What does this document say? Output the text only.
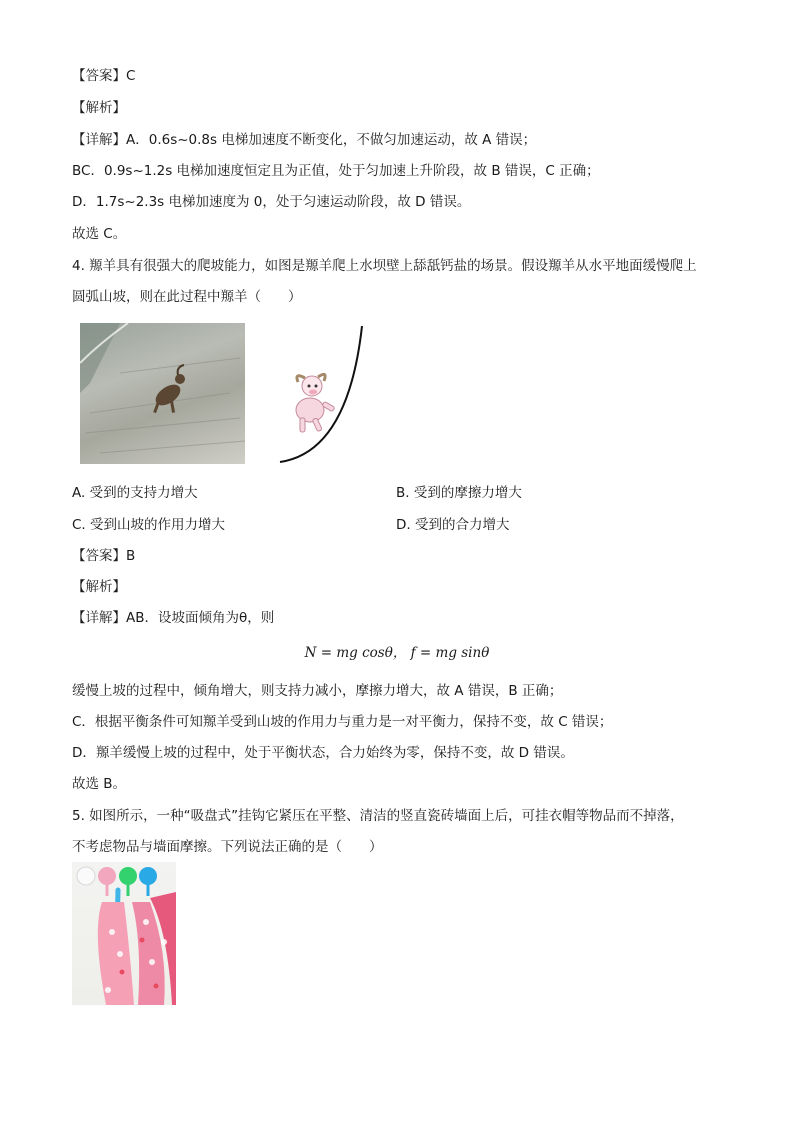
【答案】C
【解析】
【详解】A．0.6s~0.8s 电梯加速度不断变化，不做匀加速运动，故 A 错误；
BC．0.9s~1.2s 电梯加速度恒定且为正值，处于匀加速上升阶段，故 B 错误，C 正确；
D．1.7s~2.3s 电梯加速度为 0，处于匀速运动阶段，故 D 错误。
故选 C。
4. 羱羊具有很强大的爬坡能力，如图是羱羊爬上水坝壁上舔舐钙盐的场景。假设羱羊从水平地面缓慢爬上
圆弧山坡，则在此过程中羱羊（　　）
A. 受到的支持力增大	B. 受到的摩擦力增大
C. 受到山坡的作用力增大	D. 受到的合力增大
【答案】B
【解析】
【详解】AB．设坡面倾角为θ，则
N = mg cosθ， f = mg sinθ
缓慢上坡的过程中，倾角增大，则支持力减小，摩擦力增大，故 A 错误，B 正确；
C．根据平衡条件可知羱羊受到山坡的作用力与重力是一对平衡力，保持不变，故 C 错误；
D．羱羊缓慢上坡的过程中，处于平衡状态，合力始终为零，保持不变，故 D 错误。
故选 B。
5. 如图所示，一种“吸盘式”挂钩它紧压在平整、清洁的竖直瓷砖墙面上后，可挂衣帽等物品而不掉落，
不考虑物品与墙面摩擦。下列说法正确的是（　　）
